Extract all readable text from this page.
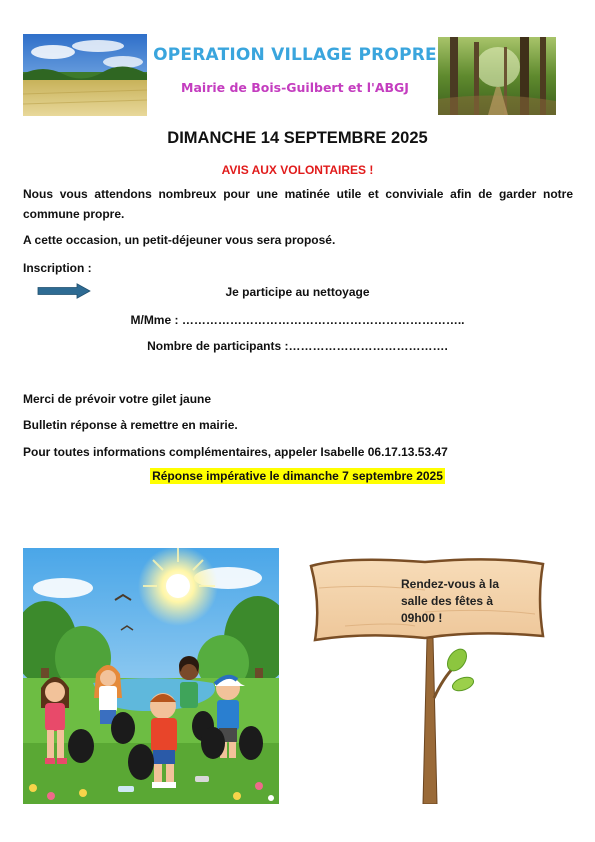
OPERATION VILLAGE PROPRE
Mairie de Bois-Guilbert et l'ABGJ
DIMANCHE 14 SEPTEMBRE 2025
AVIS AUX VOLONTAIRES !
Nous vous attendons nombreux pour une matinée utile et conviviale afin de garder notre commune propre.
A cette occasion, un petit-déjeuner vous sera proposé.
Inscription :
Je participe au nettoyage
M/Mme : ……………………………………………………………..
Nombre de participants :………………………………….
Merci de prévoir votre gilet jaune
Bulletin réponse à remettre en mairie.
Pour toutes informations complémentaires, appeler Isabelle 06.17.13.53.47
Réponse impérative le dimanche 7 septembre 2025
Rendez-vous à la
salle des fêtes à
09h00 !
